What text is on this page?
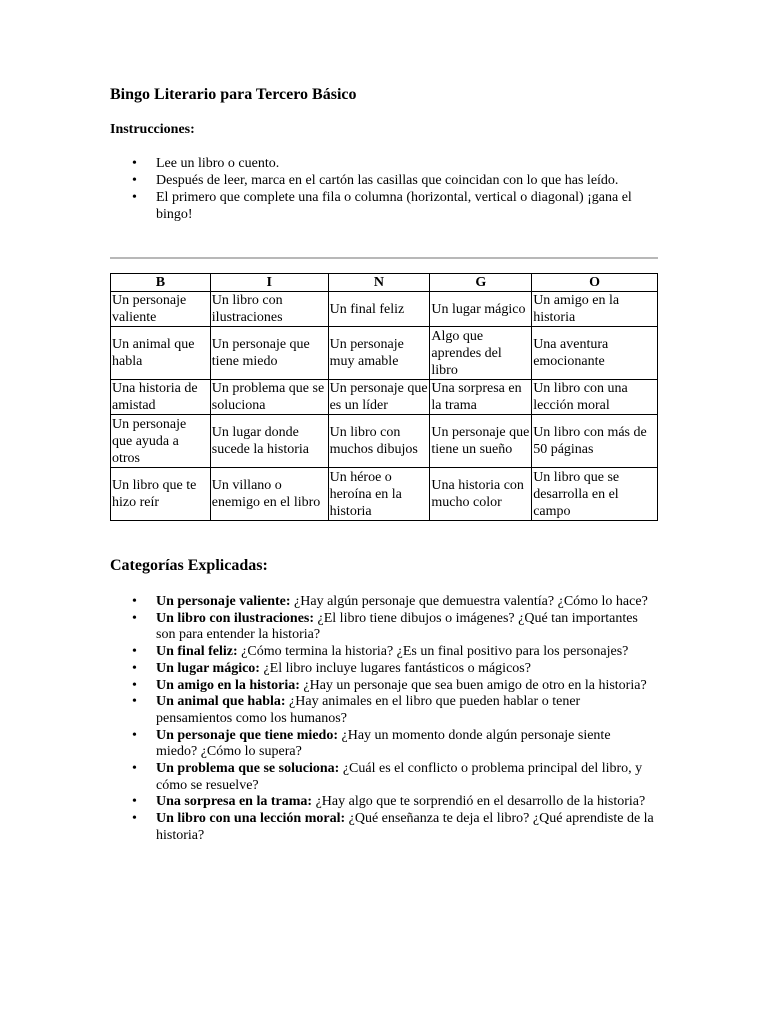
Bingo Literario para Tercero Básico

Instrucciones:

• Lee un libro o cuento.
• Después de leer, marca en el cartón las casillas que coincidan con lo que has leído.
• El primero que complete una fila o columna (horizontal, vertical o diagonal) ¡gana el bingo!
B	I	N	G	O
Un personaje valiente	Un libro con ilustraciones	Un final feliz	Un lugar mágico	Un amigo en la historia
Un animal que habla	Un personaje que tiene miedo	Un personaje muy amable	Algo que aprendes del libro	Una aventura emocionante
Una historia de amistad	Un problema que se soluciona	Un personaje que es un líder	Una sorpresa en la trama	Un libro con una lección moral
Un personaje que ayuda a otros	Un lugar donde sucede la historia	Un libro con muchos dibujos	Un personaje que tiene un sueño	Un libro con más de 50 páginas
Un libro que te hizo reír	Un villano o enemigo en el libro	Un héroe o heroína en la historia	Una historia con mucho color	Un libro que se desarrolla en el campo
Categorías Explicadas:
• Un personaje valiente: ¿Hay algún personaje que demuestra valentía? ¿Cómo lo hace?
• Un libro con ilustraciones: ¿El libro tiene dibujos o imágenes? ¿Qué tan importantes son para entender la historia?
• Un final feliz: ¿Cómo termina la historia? ¿Es un final positivo para los personajes?
• Un lugar mágico: ¿El libro incluye lugares fantásticos o mágicos?
• Un amigo en la historia: ¿Hay un personaje que sea buen amigo de otro en la historia?
• Un animal que habla: ¿Hay animales en el libro que pueden hablar o tener pensamientos como los humanos?
• Un personaje que tiene miedo: ¿Hay un momento donde algún personaje siente miedo? ¿Cómo lo supera?
• Un problema que se soluciona: ¿Cuál es el conflicto o problema principal del libro, y cómo se resuelve?
• Una sorpresa en la trama: ¿Hay algo que te sorprendió en el desarrollo de la historia?
• Un libro con una lección moral: ¿Qué enseñanza te deja el libro? ¿Qué aprendiste de la historia?
